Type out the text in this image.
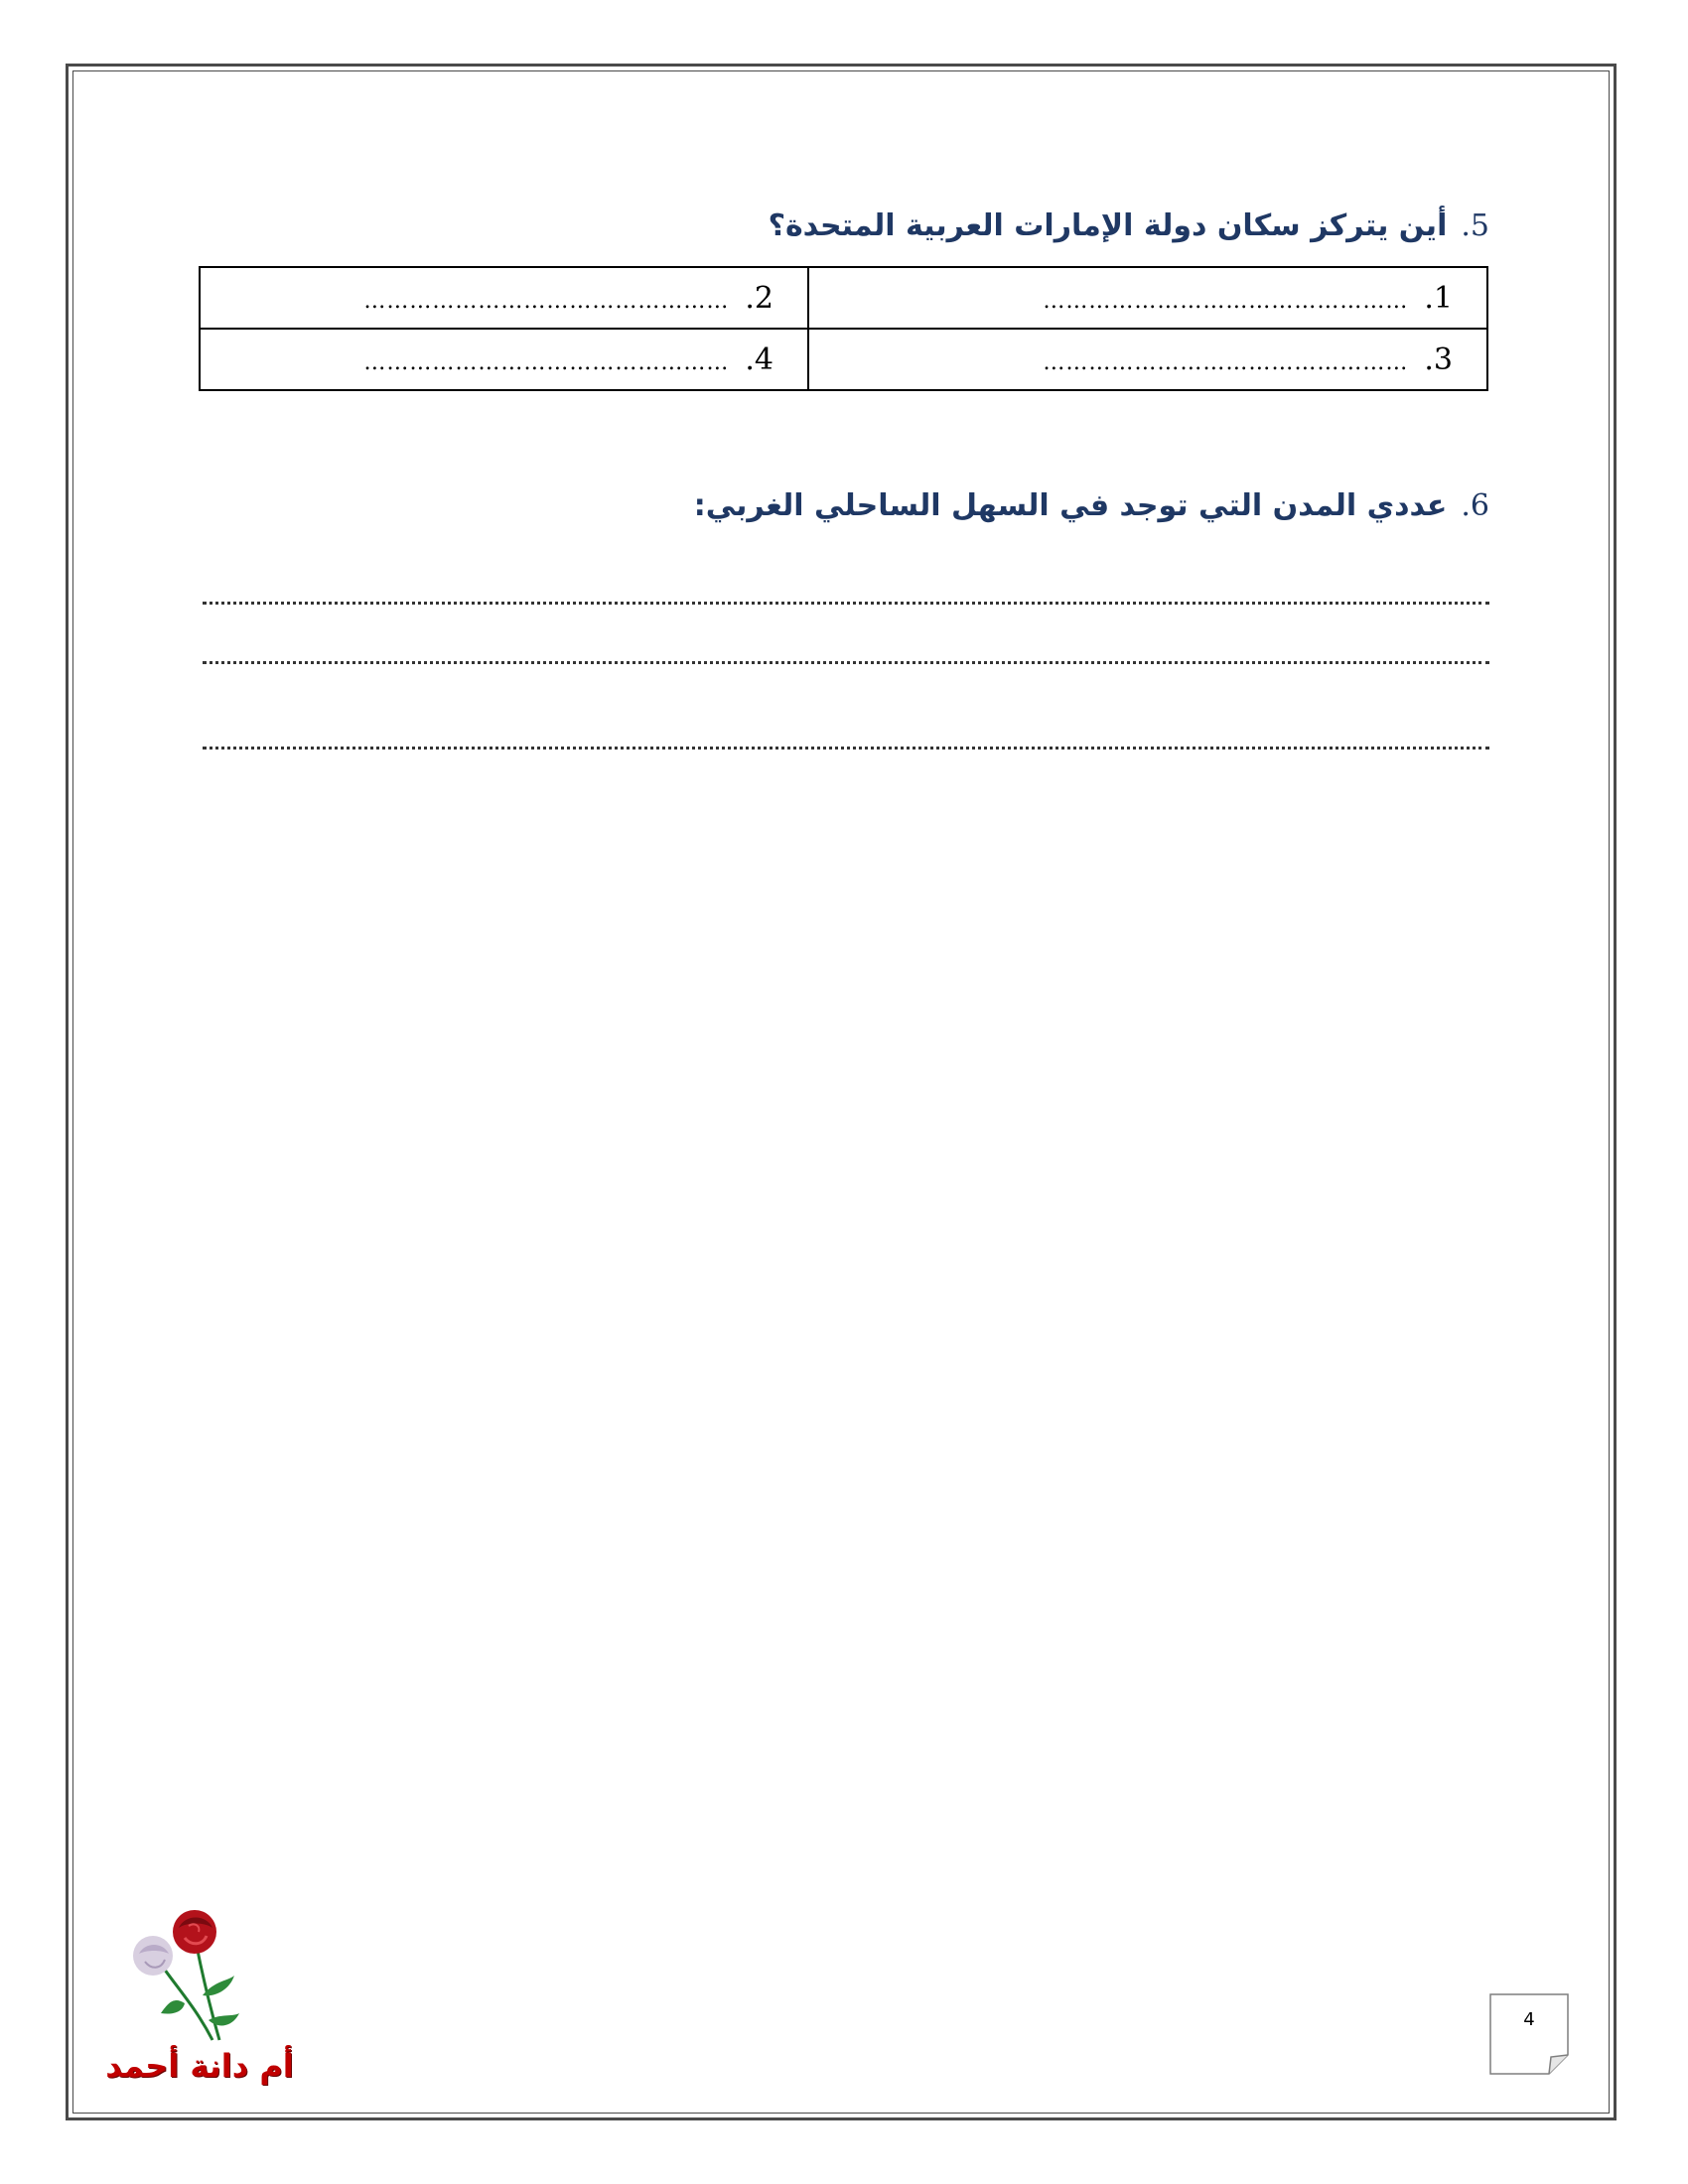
5.أين يتركز سكان دولة الإمارات العربية المتحدة؟
1.…………………………………………	2.…………………………………………
3.…………………………………………	4.…………………………………………
6.عددي المدن التي توجد في السهل الساحلي الغربي:
أم دانة أحمد
4
